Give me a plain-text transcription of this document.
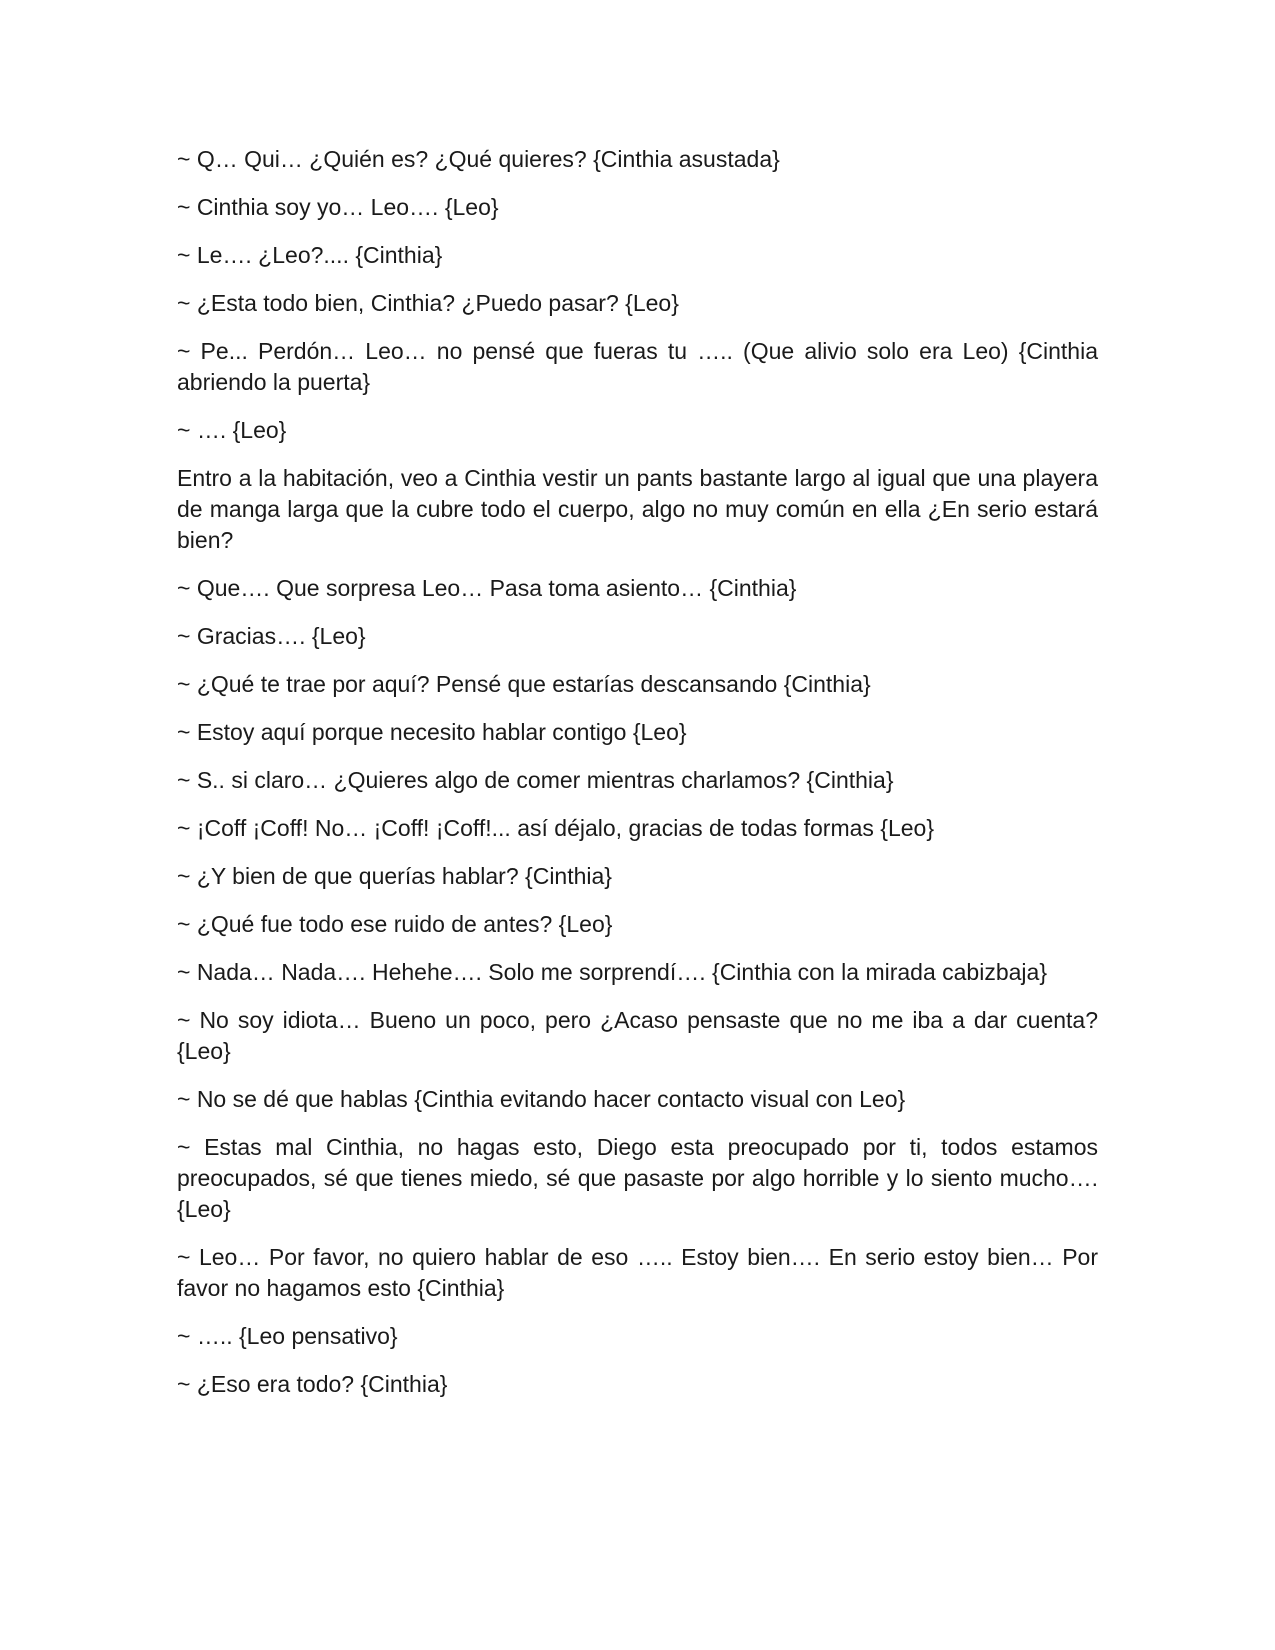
~ Q… Qui… ¿Quién es? ¿Qué quieres? {Cinthia asustada}

~ Cinthia soy yo… Leo…. {Leo}

~ Le…. ¿Leo?.... {Cinthia}

~ ¿Esta todo bien, Cinthia? ¿Puedo pasar? {Leo}

~ Pe... Perdón… Leo… no pensé que fueras tu ….. (Que alivio solo era Leo) {Cinthia abriendo la puerta}

~ …. {Leo}

Entro a la habitación, veo a Cinthia vestir un pants bastante largo al igual que una playera de manga larga que la cubre todo el cuerpo, algo no muy común en ella ¿En serio estará bien?

~ Que…. Que sorpresa Leo… Pasa toma asiento… {Cinthia}

~ Gracias…. {Leo}

~ ¿Qué te trae por aquí? Pensé que estarías descansando {Cinthia}

~ Estoy aquí porque necesito hablar contigo {Leo}

~ S.. si claro… ¿Quieres algo de comer mientras charlamos? {Cinthia}

~ ¡Coff ¡Coff! No… ¡Coff! ¡Coff!... así déjalo, gracias de todas formas {Leo}

~ ¿Y bien de que querías hablar? {Cinthia}

~ ¿Qué fue todo ese ruido de antes? {Leo}

~ Nada… Nada…. Hehehe…. Solo me sorprendí…. {Cinthia con la mirada cabizbaja}

~ No soy idiota… Bueno un poco, pero ¿Acaso pensaste que no me iba a dar cuenta? {Leo}

~ No se dé que hablas {Cinthia evitando hacer contacto visual con Leo}

~ Estas mal Cinthia, no hagas esto, Diego esta preocupado por ti, todos estamos preocupados, sé que tienes miedo, sé que pasaste por algo horrible y lo siento mucho…. {Leo}

~ Leo… Por favor, no quiero hablar de eso ….. Estoy bien…. En serio estoy bien… Por favor no hagamos esto {Cinthia}

~ ….. {Leo pensativo}

~ ¿Eso era todo? {Cinthia}
